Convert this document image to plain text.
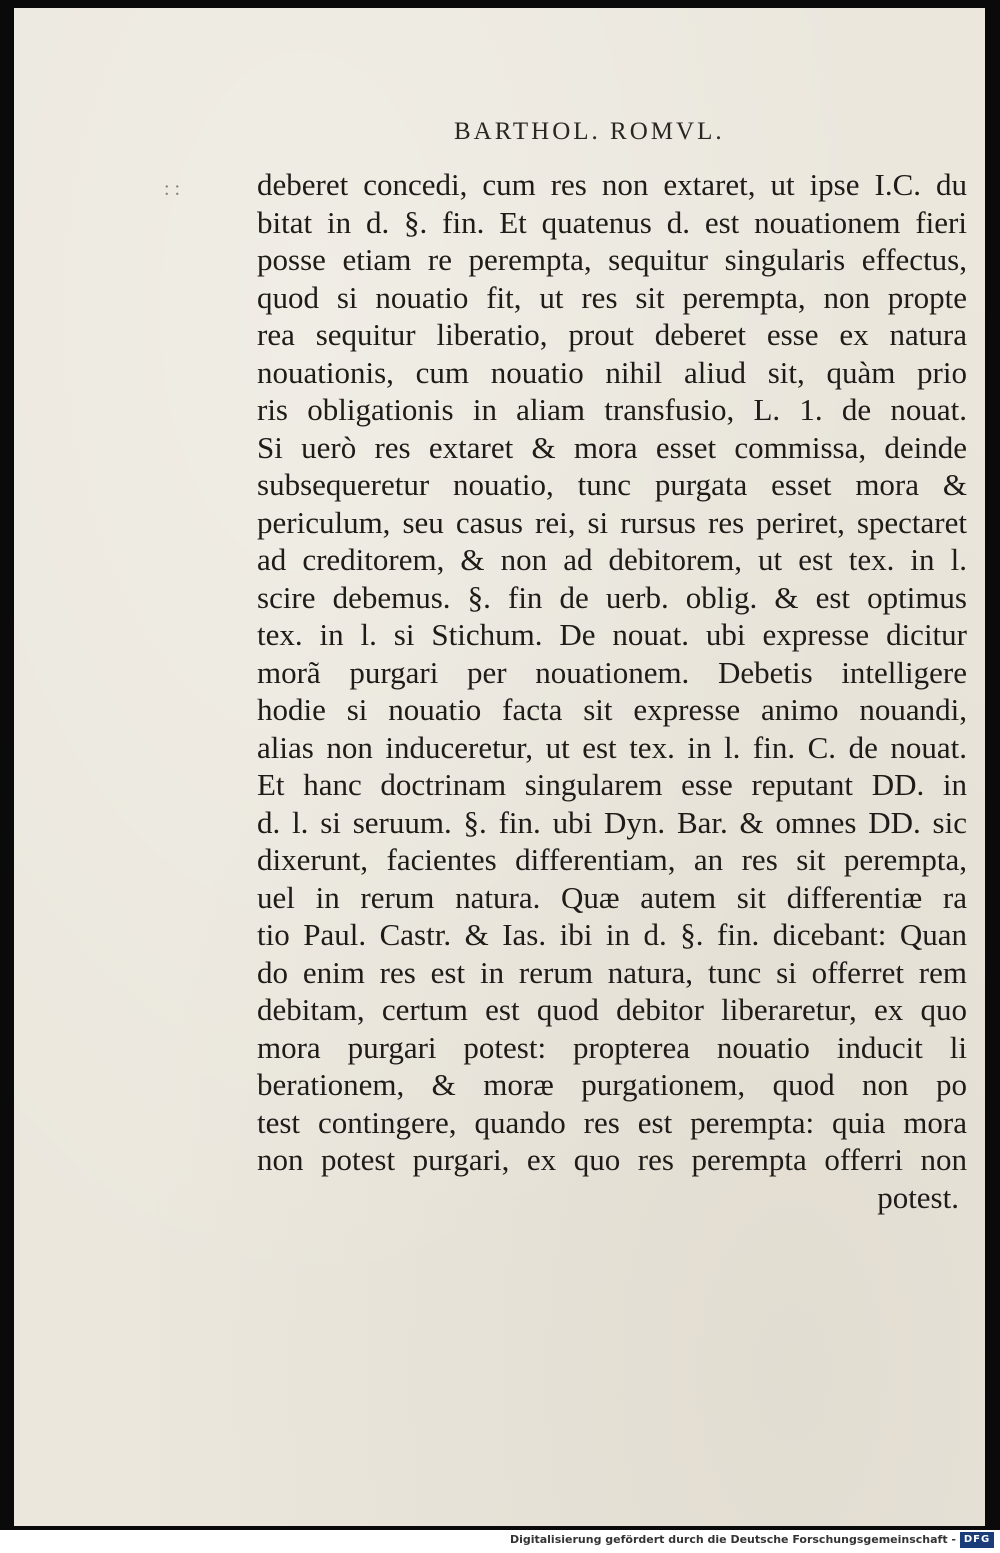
BARTHOL. ROMVL.
: : deberet concedi, cum res non extaret, ut ipse I.C. du
bitat in d. §. fin. Et quatenus d. est nouationem fieri
posse etiam re perempta, sequitur singularis effectus,
quod si nouatio fit, ut res sit perempta, non propte
rea sequitur liberatio, prout deberet esse ex natura
nouationis, cum nouatio nihil aliud sit, quàm prio
ris obligationis in aliam transfusio, L. 1. de nouat.
Si uerò res extaret & mora esset commissa, deinde
subsequeretur nouatio, tunc purgata esset mora &
periculum, seu casus rei, si rursus res periret, spectaret
ad creditorem, & non ad debitorem, ut est tex. in l.
scire debemus. §. fin de uerb. oblig. & est optimus
tex. in l. si Stichum. De nouat. ubi expresse dicitur
morã purgari per nouationem. Debetis intelligere
hodie si nouatio facta sit expresse animo nouandi,
alias non induceretur, ut est tex. in l. fin. C. de nouat.
Et hanc doctrinam singularem esse reputant DD. in
d. l. si seruum. §. fin. ubi Dyn. Bar. & omnes DD. sic
dixerunt, facientes differentiam, an res sit perempta,
uel in rerum natura. Quæ autem sit differentiæ ra
tio Paul. Castr. & Ias. ibi in d. §. fin. dicebant: Quan
do enim res est in rerum natura, tunc si offerret rem
debitam, certum est quod debitor liberaretur, ex quo
mora purgari potest: propterea nouatio inducit li
berationem, & moræ purgationem, quod non po
test contingere, quando res est perempta: quia mora
non potest purgari, ex quo res perempta offerri non
potest.
Digitalisierung gefördert durch die Deutsche Forschungsgemeinschaft - DFG
